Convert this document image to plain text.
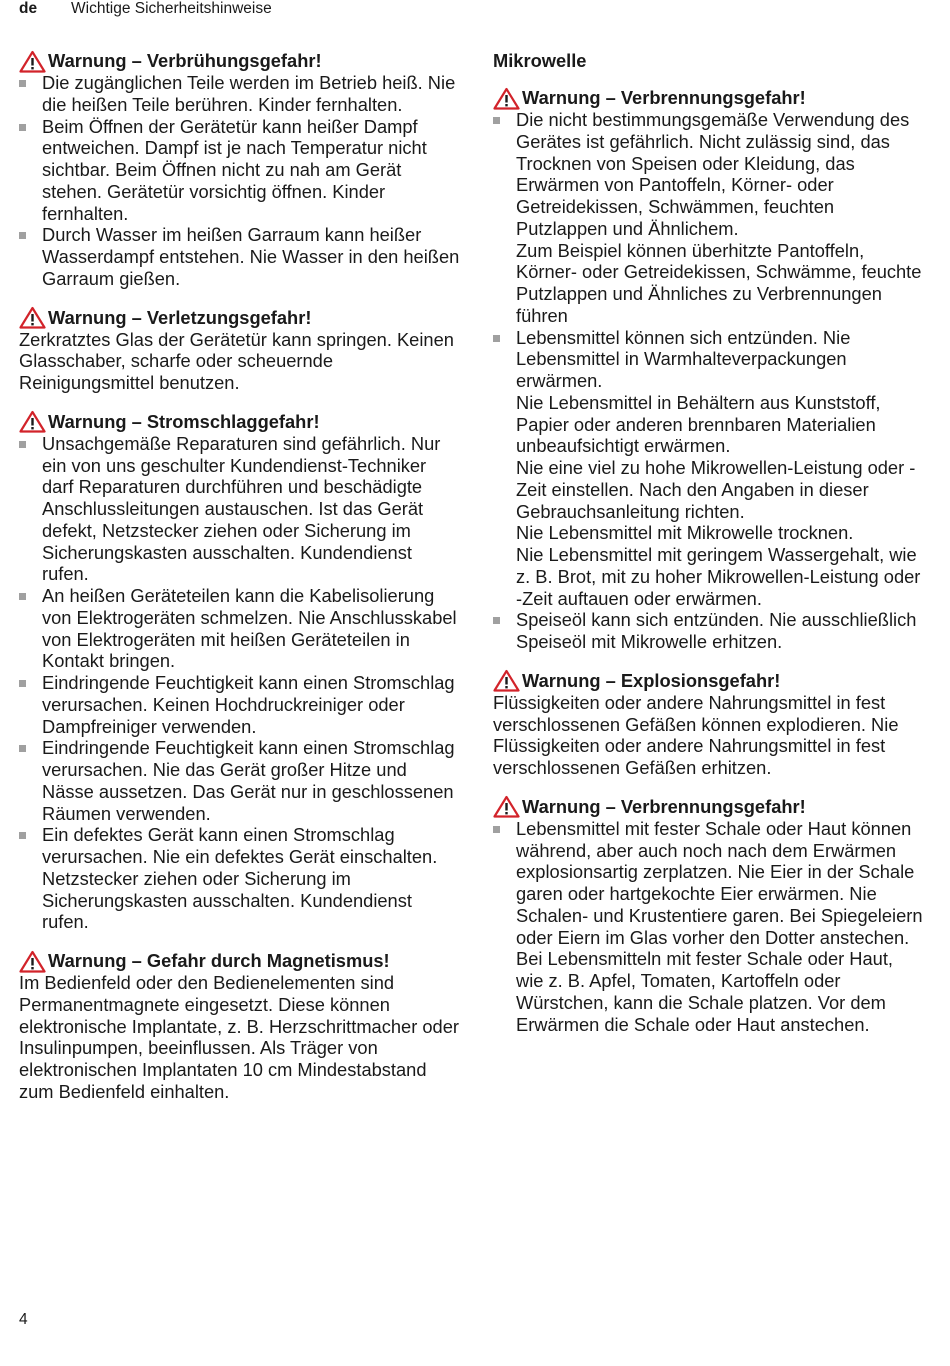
de Wichtige Sicherheitshinweise
Warnung – Verbrühungsgefahr!
Die zugänglichen Teile werden im Betrieb heiß. Nie die heißen Teile berühren. Kinder fernhalten.
Beim Öffnen der Gerätetür kann heißer Dampf entweichen. Dampf ist je nach Temperatur nicht sichtbar. Beim Öffnen nicht zu nah am Gerät stehen. Gerätetür vorsichtig öffnen. Kinder fernhalten.
Durch Wasser im heißen Garraum kann heißer Wasserdampf entstehen. Nie Wasser in den heißen Garraum gießen.
Warnung – Verletzungsgefahr!

Zerkratztes Glas der Gerätetür kann springen. Keinen Glasschaber, scharfe oder scheuernde Reinigungsmittel benutzen.

Warnung – Stromschlaggefahr!
Unsachgemäße Reparaturen sind gefährlich. Nur ein von uns geschulter Kundendienst-Techniker darf Reparaturen durchführen und beschädigte Anschlussleitungen austauschen. Ist das Gerät defekt, Netzstecker ziehen oder Sicherung im Sicherungskasten ausschalten. Kundendienst rufen.
An heißen Geräteteilen kann die Kabelisolierung von Elektrogeräten schmelzen. Nie Anschlusskabel von Elektrogeräten mit heißen Geräteteilen in Kontakt bringen.
Eindringende Feuchtigkeit kann einen Stromschlag verursachen. Keinen Hochdruckreiniger oder Dampfreiniger verwenden.
Eindringende Feuchtigkeit kann einen Stromschlag verursachen. Nie das Gerät großer Hitze und Nässe aussetzen. Das Gerät nur in geschlossenen Räumen verwenden.
Ein defektes Gerät kann einen Stromschlag verursachen. Nie ein defektes Gerät einschalten. Netzstecker ziehen oder Sicherung im Sicherungskasten ausschalten. Kundendienst rufen.
Warnung – Gefahr durch Magnetismus!

Im Bedienfeld oder den Bedienelementen sind Permanentmagnete eingesetzt. Diese können elektronische Implantate, z. B. Herzschrittmacher oder Insulinpumpen, beeinflussen. Als Träger von elektronischen Implantaten 10 cm Mindestabstand zum Bedienfeld einhalten.

Mikrowelle
Warnung – Verbrennungsgefahr!
Die nicht bestimmungsgemäße Verwendung des Gerätes ist gefährlich. Nicht zulässig sind, das Trocknen von Speisen oder Kleidung, das Erwärmen von Pantoffeln, Körner- oder Getreidekissen, Schwämmen, feuchten Putzlappen und Ähnlichem.
Zum Beispiel können überhitzte Pantoffeln, Körner- oder Getreidekissen, Schwämme, feuchte Putzlappen und Ähnliches zu Verbrennungen führen
Lebensmittel können sich entzünden. Nie Lebensmittel in Warmhalteverpackungen erwärmen.
Nie Lebensmittel in Behältern aus Kunststoff, Papier oder anderen brennbaren Materialien unbeaufsichtigt erwärmen.
Nie eine viel zu hohe Mikrowellen-Leistung oder -Zeit einstellen. Nach den Angaben in dieser Gebrauchsanleitung richten.
Nie Lebensmittel mit Mikrowelle trocknen.
Nie Lebensmittel mit geringem Wassergehalt, wie z. B. Brot, mit zu hoher Mikrowellen-Leistung oder -Zeit auftauen oder erwärmen.
Speiseöl kann sich entzünden. Nie ausschließlich Speiseöl mit Mikrowelle erhitzen.
Warnung – Explosionsgefahr!

Flüssigkeiten oder andere Nahrungsmittel in fest verschlossenen Gefäßen können explodieren. Nie Flüssigkeiten oder andere Nahrungsmittel in fest verschlossenen Gefäßen erhitzen.

Warnung – Verbrennungsgefahr!
Lebensmittel mit fester Schale oder Haut können während, aber auch noch nach dem Erwärmen explosionsartig zerplatzen. Nie Eier in der Schale garen oder hartgekochte Eier erwärmen. Nie Schalen- und Krustentiere garen. Bei Spiegeleiern oder Eiern im Glas vorher den Dotter anstechen. Bei Lebensmitteln mit fester Schale oder Haut, wie z. B. Apfel, Tomaten, Kartoffeln oder Würstchen, kann die Schale platzen. Vor dem Erwärmen die Schale oder Haut anstechen.
4
